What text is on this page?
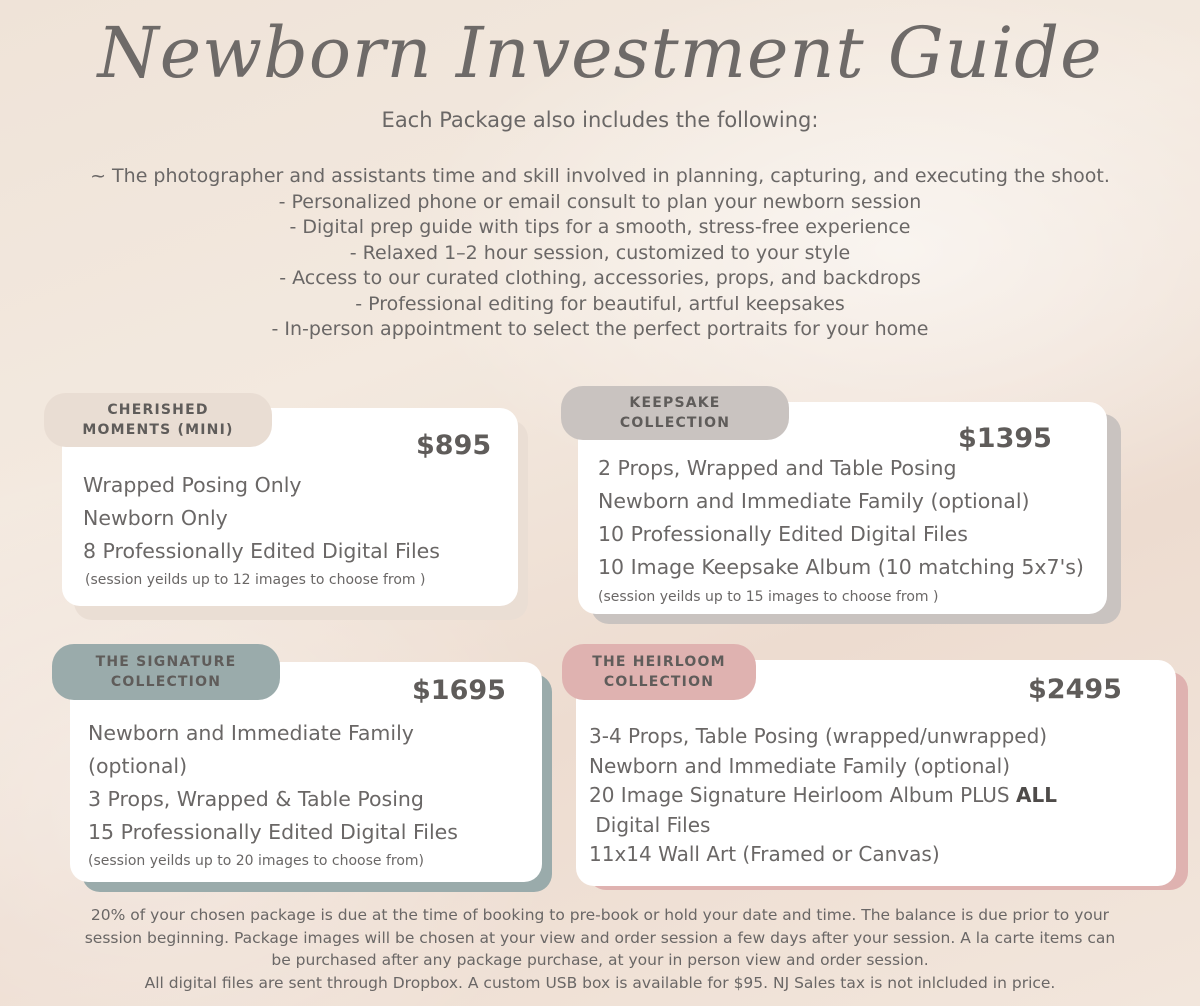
Newborn Investment Guide
Each Package also includes the following:
~ The photographer and assistants time and skill involved in planning, capturing, and executing the shoot.
- Personalized phone or email consult to plan your newborn session
- Digital prep guide with tips for a smooth, stress-free experience
- Relaxed 1–2 hour session, customized to your style
- Access to our curated clothing, accessories, props, and backdrops
- Professional editing for beautiful, artful keepsakes
- In-person appointment to select the perfect portraits for your home
CHERISHED
MOMENTS (MINI)	$895
Wrapped Posing Only
Newborn Only
8 Professionally Edited Digital Files
(session yeilds up to 12 images to choose from )
KEEPSAKE
COLLECTION	$1395
2 Props, Wrapped and Table Posing
Newborn and Immediate Family (optional)
10 Professionally Edited Digital Files
10 Image Keepsake Album (10 matching 5x7's)
(session yeilds up to 15 images to choose from )
THE SIGNATURE
COLLECTION	$1695
Newborn and Immediate Family
(optional)
3 Props, Wrapped & Table Posing
15 Professionally Edited Digital Files
(session yeilds up to 20 images to choose from)
THE HEIRLOOM
COLLECTION	$2495
3-4 Props, Table Posing (wrapped/unwrapped)
Newborn and Immediate Family (optional)
20 Image Signature Heirloom Album PLUS ALL
Digital Files
11x14 Wall Art (Framed or Canvas)
20% of your chosen package is due at the time of booking to pre-book or hold your date and time. The balance is due prior to your
session beginning. Package images will be chosen at your view and order session a few days after your session. A la carte items can
be purchased after any package purchase, at your in person view and order session.
All digital files are sent through Dropbox. A custom USB box is available for $95. NJ Sales tax is not inlcluded in price.
